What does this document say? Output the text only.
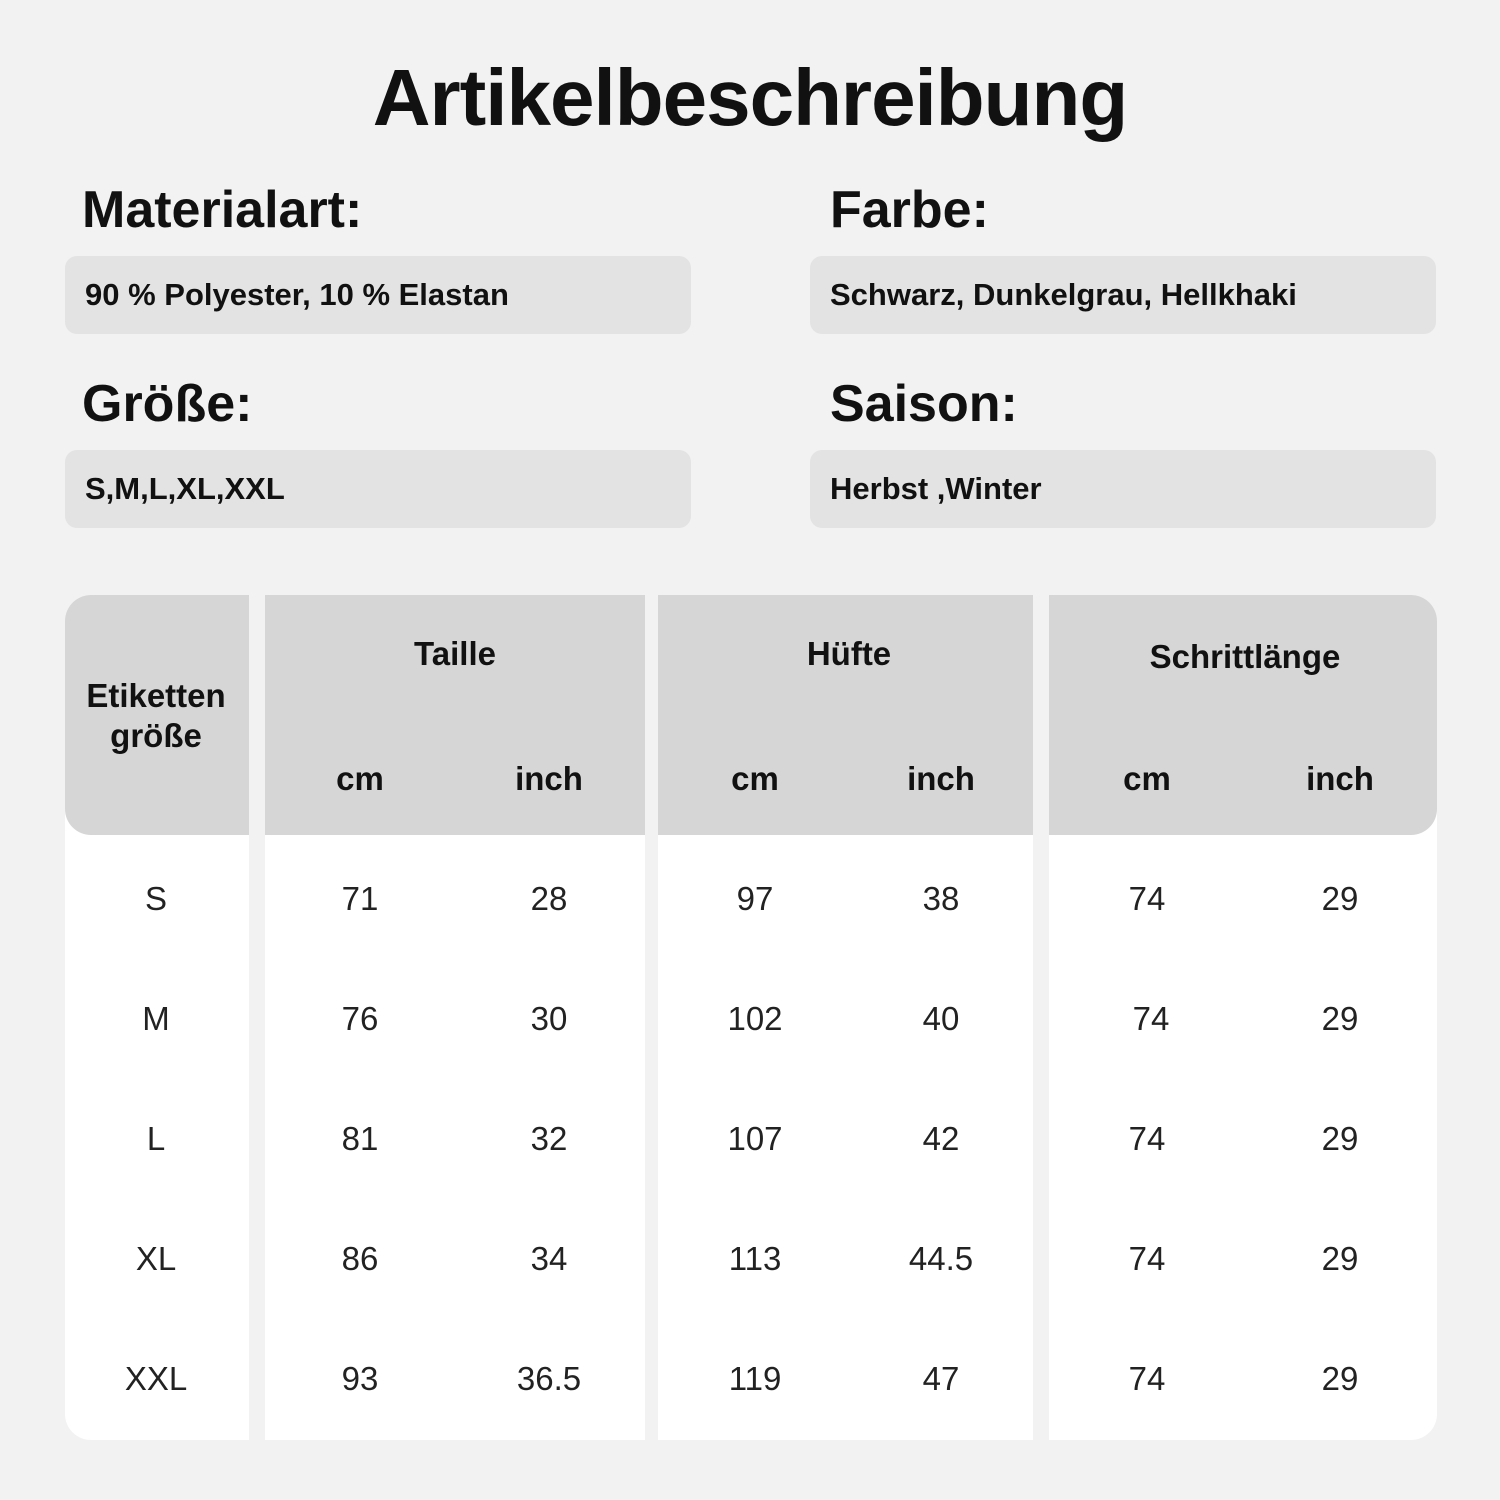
Artikelbeschreibung
Materialart:
90 % Polyester, 10 % Elastan
Farbe:
Schwarz, Dunkelgrau, Hellkhaki
Größe:
S,M,L,XL,XXL
Saison:
Herbst ,Winter
Etiketten
größe
Taille	Hüfte	Schrittlänge
cm	inch	cm	inch	cm	inch
S	71	28	97	38	74	29
M	76	30	102	40	74	29
L	81	32	107	42	74	29
XL	86	34	113	44.5	74	29
XXL	93	36.5	119	47	74	29
